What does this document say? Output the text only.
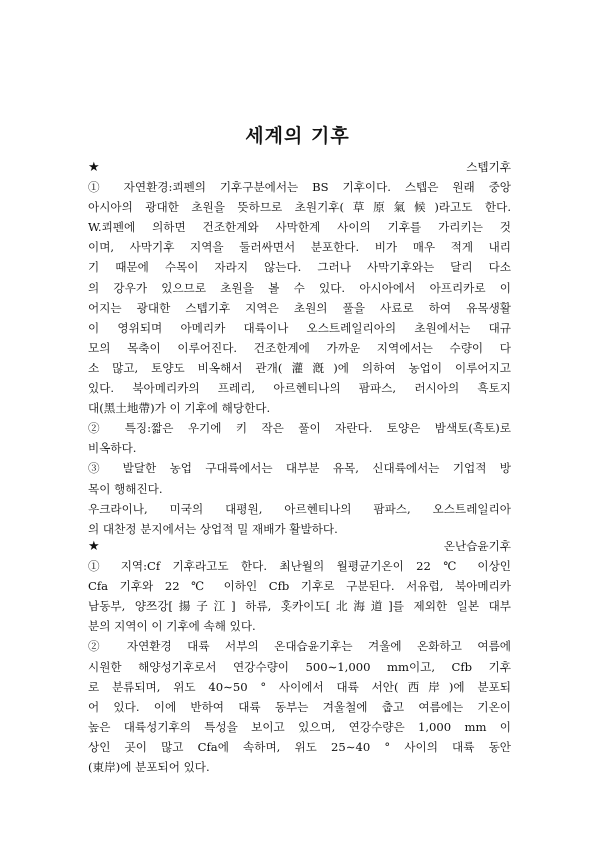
세계의 기후
★	스텝기후
① 자연환경:쾨펜의 기후구분에서는 BS 기후이다. 스텝은 원래 중앙
아시아의 광대한 초원을 뜻하므로 초원기후(草原氣候)라고도 한다.
W.쾨펜에 의하면 건조한계와 사막한계 사이의 기후를 가리키는 것
이며, 사막기후 지역을 둘러싸면서 분포한다. 비가 매우 적게 내리
기 때문에 수목이 자라지 않는다. 그러나 사막기후와는 달리 다소
의 강우가 있으므로 초원을 볼 수 있다. 아시아에서 아프리카로 이
어지는 광대한 스텝기후 지역은 초원의 풀을 사료로 하여 유목생활
이 영위되며 아메리카 대륙이나 오스트레일리아의 초원에서는 대규
모의 목축이 이루어진다. 건조한계에 가까운 지역에서는 수량이 다
소 많고, 토양도 비옥해서 관개(灌漑)에 의하여 농업이 이루어지고
있다. 북아메리카의 프레리, 아르헨티나의 팜파스, 러시아의 흑토지
대(黑土地帶)가 이 기후에 해당한다.
② 특징:짧은 우기에 키 작은 풀이 자란다. 토양은 밤색토(흑토)로
비옥하다.
③ 발달한 농업 구대륙에서는 대부분 유목, 신대륙에서는 기업적 방
목이 행해진다.
우크라이나, 미국의 대평원, 아르헨티나의 팜파스, 오스트레일리아
의 대찬정 분지에서는 상업적 밀 재배가 활발하다.
★	온난습윤기후
① 지역:Cf 기후라고도 한다. 최난월의 월평균기온이 22 ℃ 이상인
Cfa 기후와 22 ℃ 이하인 Cfb 기후로 구분된다. 서유럽, 북아메리카
남동부, 양쯔강[揚子江] 하류, 홋카이도[北海道]를 제외한 일본 대부
분의 지역이 이 기후에 속해 있다.
② 자연환경 대륙 서부의 온대습윤기후는 겨울에 온화하고 여름에
시원한 해양성기후로서 연강수량이 500∼1,000 mm이고, Cfb 기후
로 분류되며, 위도 40∼50 ° 사이에서 대륙 서안(西岸)에 분포되
어 있다. 이에 반하여 대륙 동부는 겨울철에 춥고 여름에는 기온이
높은 대륙성기후의 특성을 보이고 있으며, 연강수량은 1,000 mm 이
상인 곳이 많고 Cfa에 속하며, 위도 25∼40 ° 사이의 대륙 동안
(東岸)에 분포되어 있다.
